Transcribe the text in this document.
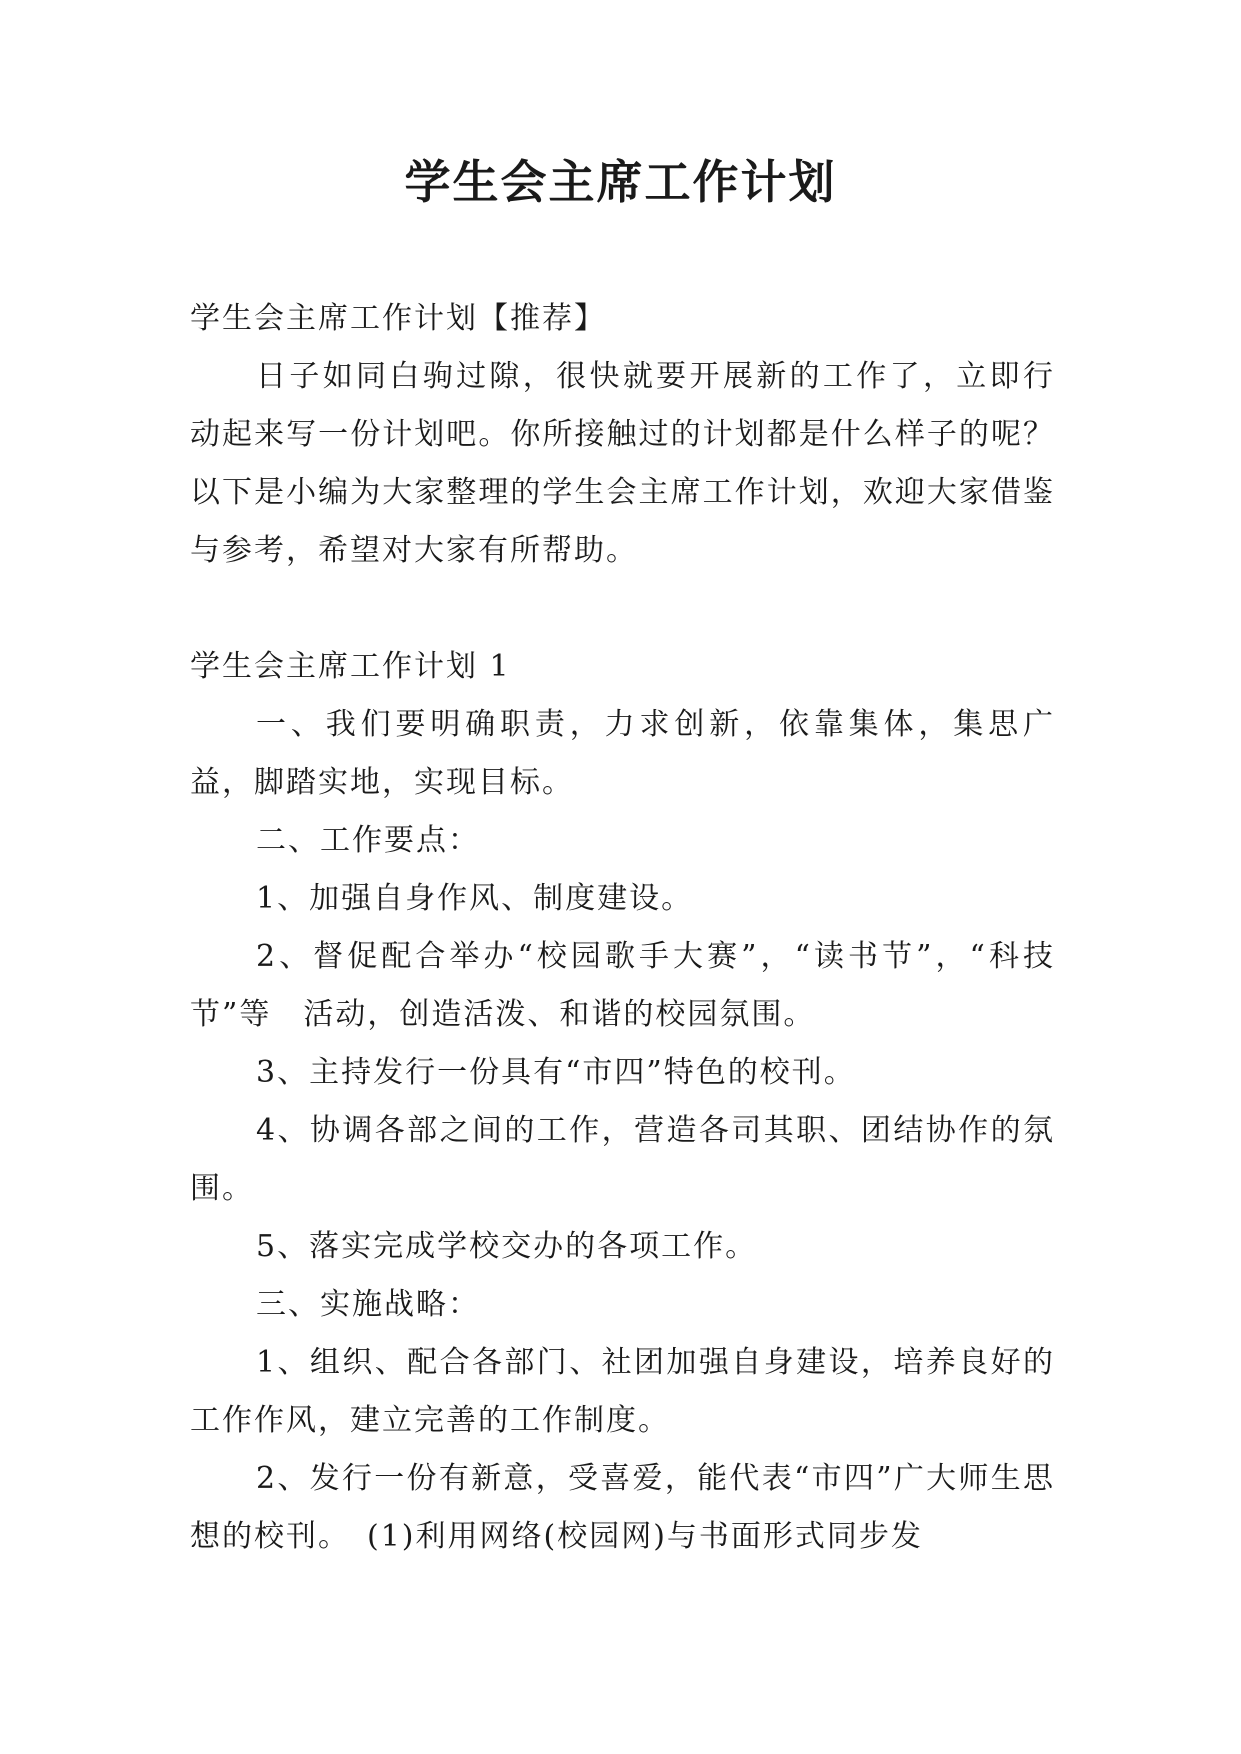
学生会主席工作计划

学生会主席工作计划【推荐】

日子如同白驹过隙，很快就要开展新的工作了，立即行动起来写一份计划吧。你所接触过的计划都是什么样子的呢？以下是小编为大家整理的学生会主席工作计划，欢迎大家借鉴与参考，希望对大家有所帮助。

学生会主席工作计划 1

一、我们要明确职责，力求创新，依靠集体，集思广益，脚踏实地，实现目标。

二、工作要点：

1、加强自身作风、制度建设。

2、督促配合举办“校园歌手大赛”，“读书节”，“科技节”等　活动，创造活泼、和谐的校园氛围。

3、主持发行一份具有“市四”特色的校刊。

4、协调各部之间的工作，营造各司其职、团结协作的氛围。

5、落实完成学校交办的各项工作。

三、实施战略：

1、组织、配合各部门、社团加强自身建设，培养良好的工作作风，建立完善的工作制度。

2、发行一份有新意，受喜爱，能代表“市四”广大师生思想的校刊。　(1)利用网络(校园网)与书面形式同步发
